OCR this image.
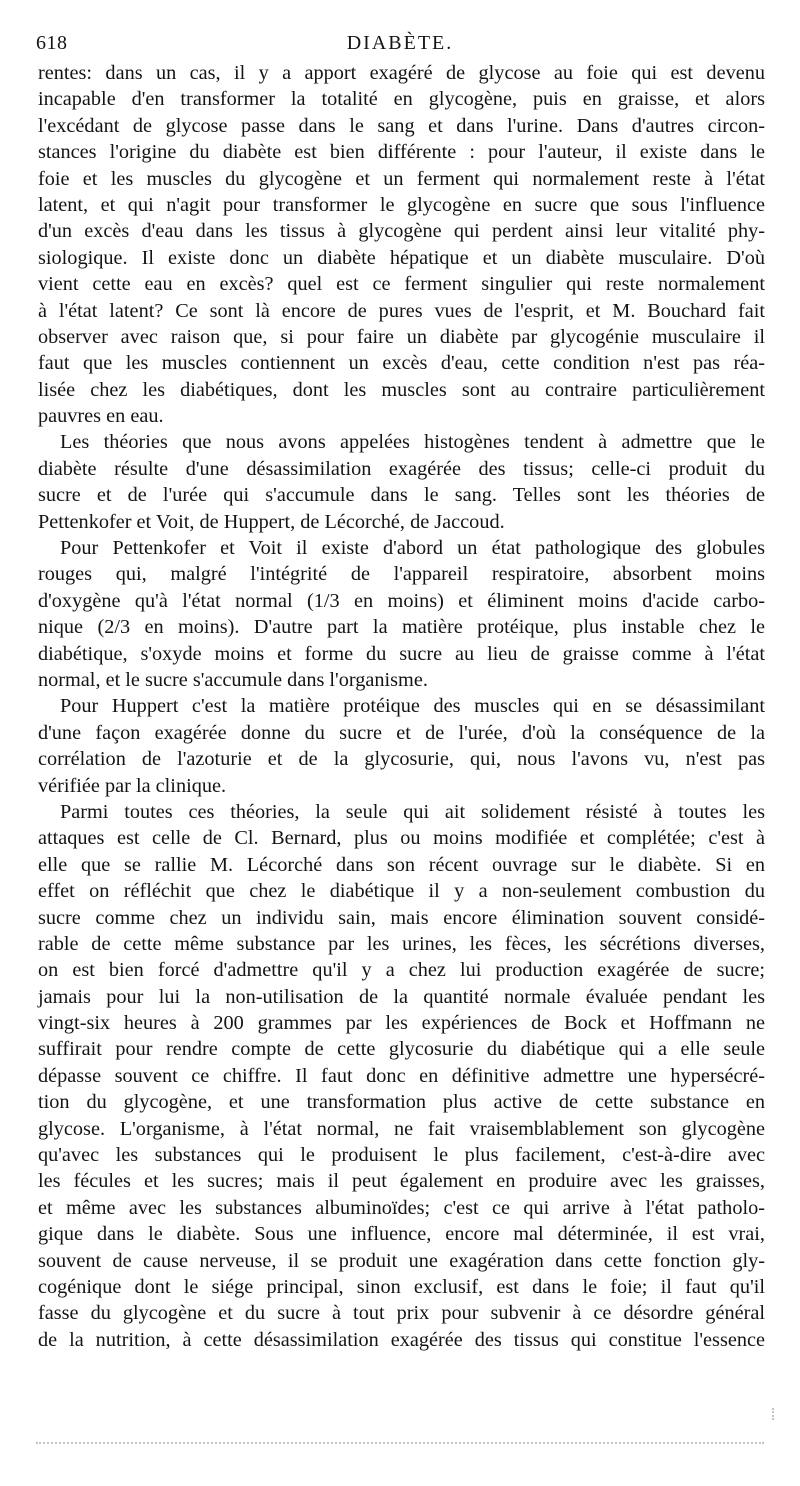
618	DIABÈTE.
rentes: dans un cas, il y a apport exagéré de glycose au foie qui est devenu
incapable d'en transformer la totalité en glycogène, puis en graisse, et alors
l'excédant de glycose passe dans le sang et dans l'urine. Dans d'autres circon-
stances l'origine du diabète est bien différente : pour l'auteur, il existe dans le
foie et les muscles du glycogène et un ferment qui normalement reste à l'état
latent, et qui n'agit pour transformer le glycogène en sucre que sous l'influence
d'un excès d'eau dans les tissus à glycogène qui perdent ainsi leur vitalité phy-
siologique. Il existe donc un diabète hépatique et un diabète musculaire. D'où
vient cette eau en excès? quel est ce ferment singulier qui reste normalement
à l'état latent? Ce sont là encore de pures vues de l'esprit, et M. Bouchard fait
observer avec raison que, si pour faire un diabète par glycogénie musculaire il
faut que les muscles contiennent un excès d'eau, cette condition n'est pas réa-
lisée chez les diabétiques, dont les muscles sont au contraire particulièrement
pauvres en eau.
Les théories que nous avons appelées histogènes tendent à admettre que le
diabète résulte d'une désassimilation exagérée des tissus; celle-ci produit du
sucre et de l'urée qui s'accumule dans le sang. Telles sont les théories de
Pettenkofer et Voit, de Huppert, de Lécorché, de Jaccoud.
Pour Pettenkofer et Voit il existe d'abord un état pathologique des globules
rouges qui, malgré l'intégrité de l'appareil respiratoire, absorbent moins
d'oxygène qu'à l'état normal (1/3 en moins) et éliminent moins d'acide carbo-
nique (2/3 en moins). D'autre part la matière protéique, plus instable chez le
diabétique, s'oxyde moins et forme du sucre au lieu de graisse comme à l'état
normal, et le sucre s'accumule dans l'organisme.
Pour Huppert c'est la matière protéique des muscles qui en se désassimilant
d'une façon exagérée donne du sucre et de l'urée, d'où la conséquence de la
corrélation de l'azoturie et de la glycosurie, qui, nous l'avons vu, n'est pas
vérifiée par la clinique.
Parmi toutes ces théories, la seule qui ait solidement résisté à toutes les
attaques est celle de Cl. Bernard, plus ou moins modifiée et complétée; c'est à
elle que se rallie M. Lécorché dans son récent ouvrage sur le diabète. Si en
effet on réfléchit que chez le diabétique il y a non-seulement combustion du
sucre comme chez un individu sain, mais encore élimination souvent considé-
rable de cette même substance par les urines, les fèces, les sécrétions diverses,
on est bien forcé d'admettre qu'il y a chez lui production exagérée de sucre;
jamais pour lui la non-utilisation de la quantité normale évaluée pendant les
vingt-six heures à 200 grammes par les expériences de Bock et Hoffmann ne
suffirait pour rendre compte de cette glycosurie du diabétique qui a elle seule
dépasse souvent ce chiffre. Il faut donc en définitive admettre une hypersécré-
tion du glycogène, et une transformation plus active de cette substance en
glycose. L'organisme, à l'état normal, ne fait vraisemblablement son glycogène
qu'avec les substances qui le produisent le plus facilement, c'est-à-dire avec
les fécules et les sucres; mais il peut également en produire avec les graisses,
et même avec les substances albuminoïdes; c'est ce qui arrive à l'état patholo-
gique dans le diabète. Sous une influence, encore mal déterminée, il est vrai,
souvent de cause nerveuse, il se produit une exagération dans cette fonction gly-
cogénique dont le siége principal, sinon exclusif, est dans le foie; il faut qu'il
fasse du glycogène et du sucre à tout prix pour subvenir à ce désordre général
de la nutrition, à cette désassimilation exagérée des tissus qui constitue l'essence
